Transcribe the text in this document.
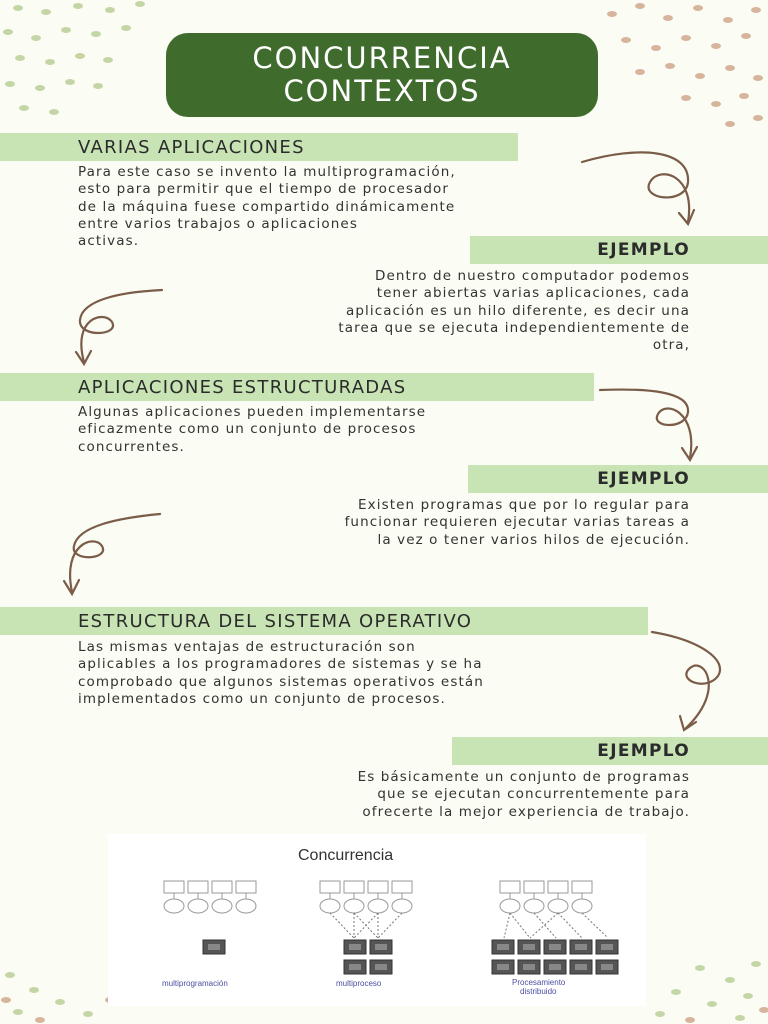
CONCURRENCIA
CONTEXTOS
VARIAS APLICACIONES
Para este caso se invento la multiprogramación,
esto para permitir que el tiempo de procesador
de la máquina fuese compartido dinámicamente
entre varios trabajos o aplicaciones
activas.	EJEMPLO
Dentro de nuestro computador podemos
tener abiertas varias aplicaciones, cada
aplicación es un hilo diferente, es decir una
tarea que se ejecuta independientemente de
otra,
APLICACIONES ESTRUCTURADAS
Algunas aplicaciones pueden implementarse
eficazmente como un conjunto de procesos
concurrentes.
EJEMPLO
Existen programas que por lo regular para
funcionar requieren ejecutar varias tareas a
la vez o tener varios hilos de ejecución.
ESTRUCTURA DEL SISTEMA OPERATIVO
Las mismas ventajas de estructuración son
aplicables a los programadores de sistemas y se ha
comprobado que algunos sistemas operativos están
implementados como un conjunto de procesos.
EJEMPLO
Es básicamente un conjunto de programas
que se ejecutan concurrentemente para
ofrecerte la mejor experiencia de trabajo.
Concurrencia
multiprogramación	multiproceso	Procesamiento
distribuido
